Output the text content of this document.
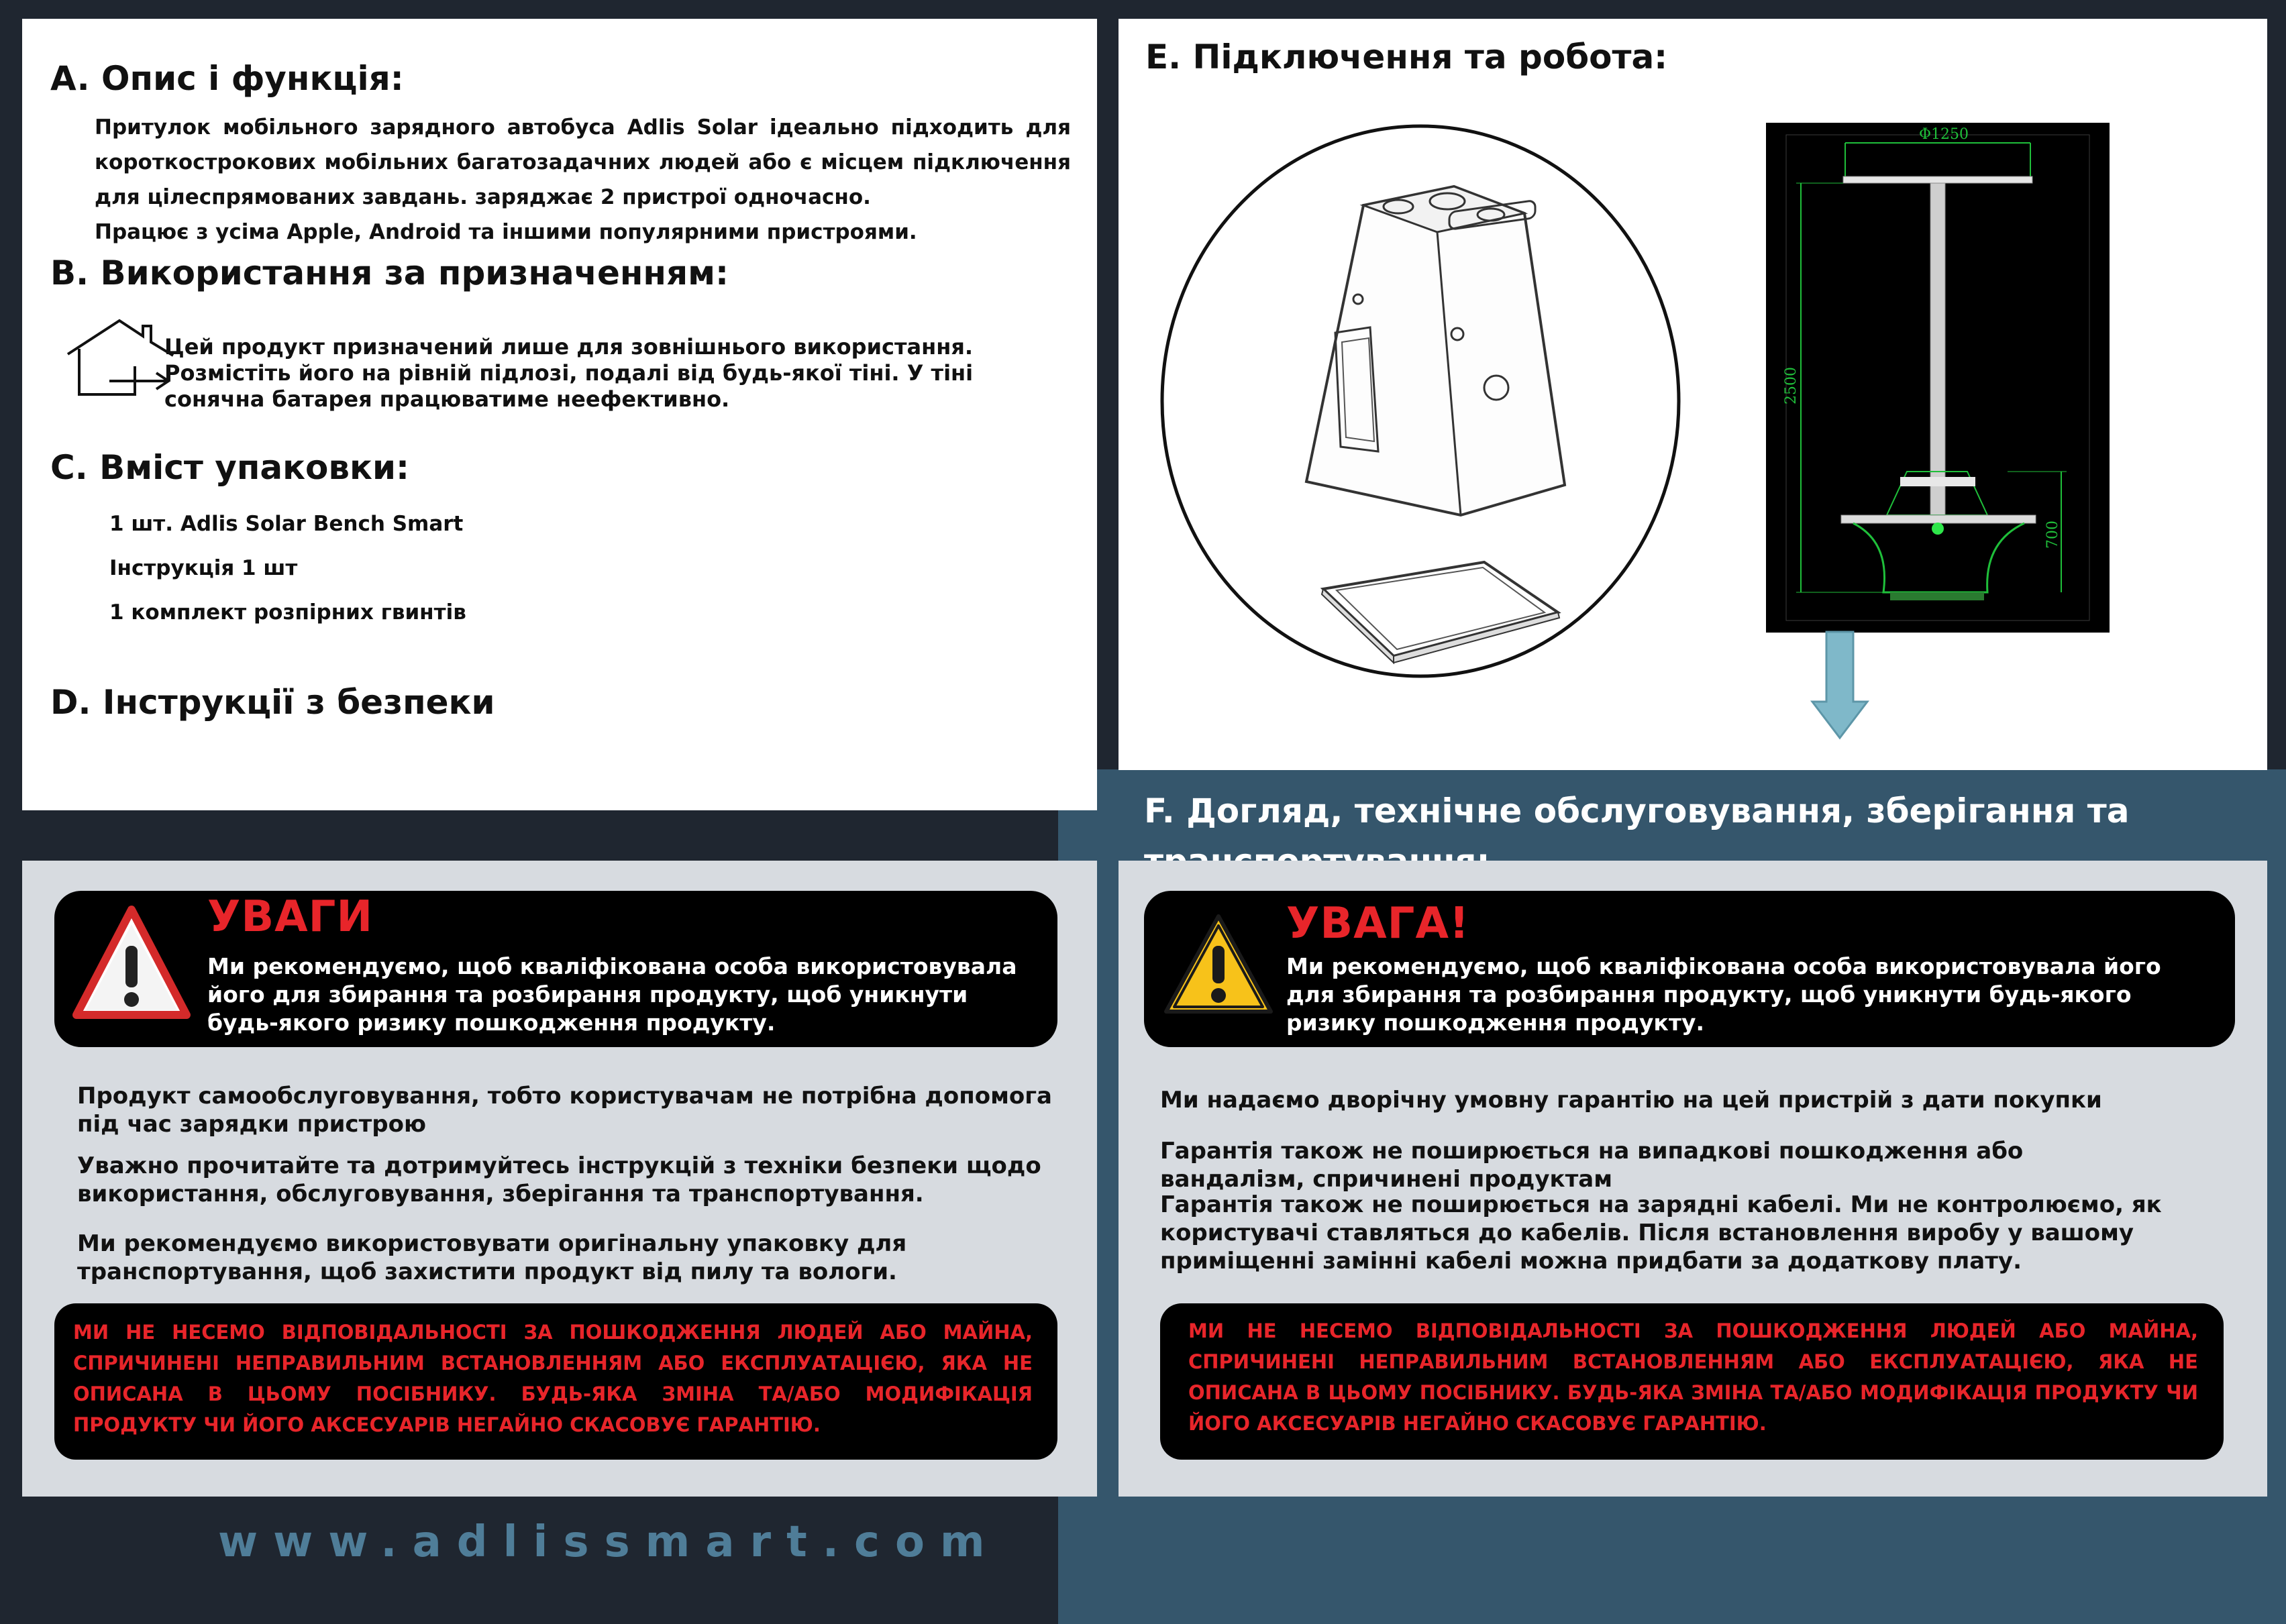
A. Опис і функція:

Притулок мобільного зарядного автобуса Adlis Solar ідеально підходить для короткострокових мобільних багатозадачних людей або є місцем підключення для цілеспрямованих завдань. заряджає 2 пристрої одночасно.

Працює з усіма Apple, Android та іншими популярними пристроями.

B. Використання за призначенням:

Цей продукт призначений лише для зовнішнього використання. Розмістіть його на рівній підлозі, подалі від будь-якої тіні. У тіні сонячна батарея працюватиме неефективно.

C. Вміст упаковки:

1 шт. Adlis Solar Bench Smart

Інструкція 1 шт

1 комплект розпірних гвинтів

D. Інструкції з безпеки
E. Підключення та робота:
Φ1250
2500
700
F. Догляд, технічне обслуговування, зберігання та
УВАГИ
Ми рекомендуємо, щоб кваліфікована особа використовувала його для збирання та розбирання продукту, щоб уникнути будь-якого ризику пошкодження продукту.

Продукт самообслуговування, тобто користувачам не потрібна допомога під час зарядки пристрою

Уважно прочитайте та дотримуйтесь інструкцій з техніки безпеки щодо використання, обслуговування, зберігання та транспортування.

Ми рекомендуємо використовувати оригінальну упаковку для транспортування, щоб захистити продукт від пилу та вологи.

МИ НЕ НЕСЕМО ВІДПОВІДАЛЬНОСТІ ЗА ПОШКОДЖЕННЯ ЛЮДЕЙ АБО МАЙНА, СПРИЧИНЕНІ НЕПРАВИЛЬНИМ ВСТАНОВЛЕННЯМ АБО ЕКСПЛУАТАЦІЄЮ, ЯКА НЕ ОПИСАНА В ЦЬОМУ ПОСІБНИКУ. БУДЬ-ЯКА ЗМІНА ТА/АБО МОДИФІКАЦІЯ ПРОДУКТУ ЧИ ЙОГО АКСЕСУАРІВ НЕГАЙНО СКАСОВУЄ ГАРАНТІЮ.

УВАГА!
Ми рекомендуємо, щоб кваліфікована особа використовувала його для збирання та розбирання продукту, щоб уникнути будь-якого ризику пошкодження продукту.

Ми надаємо дворічну умовну гарантію на цей пристрій з дати покупки

Гарантія також не поширюється на випадкові пошкодження або вандалізм, спричинені продуктам

Гарантія також не поширюється на зарядні кабелі. Ми не контролюємо, як користувачі ставляться до кабелів. Після встановлення виробу у вашому приміщенні замінні кабелі можна придбати за додаткову плату.

МИ НЕ НЕСЕМО ВІДПОВІДАЛЬНОСТІ ЗА ПОШКОДЖЕННЯ ЛЮДЕЙ АБО МАЙНА, СПРИЧИНЕНІ НЕПРАВИЛЬНИМ ВСТАНОВЛЕННЯМ АБО ЕКСПЛУАТАЦІЄЮ, ЯКА НЕ ОПИСАНА В ЦЬОМУ ПОСІБНИКУ. БУДЬ-ЯКА ЗМІНА ТА/АБО МОДИФІКАЦІЯ ПРОДУКТУ ЧИ ЙОГО АКСЕСУАРІВ НЕГАЙНО СКАСОВУЄ ГАРАНТІЮ.

www.adlissmart.com
